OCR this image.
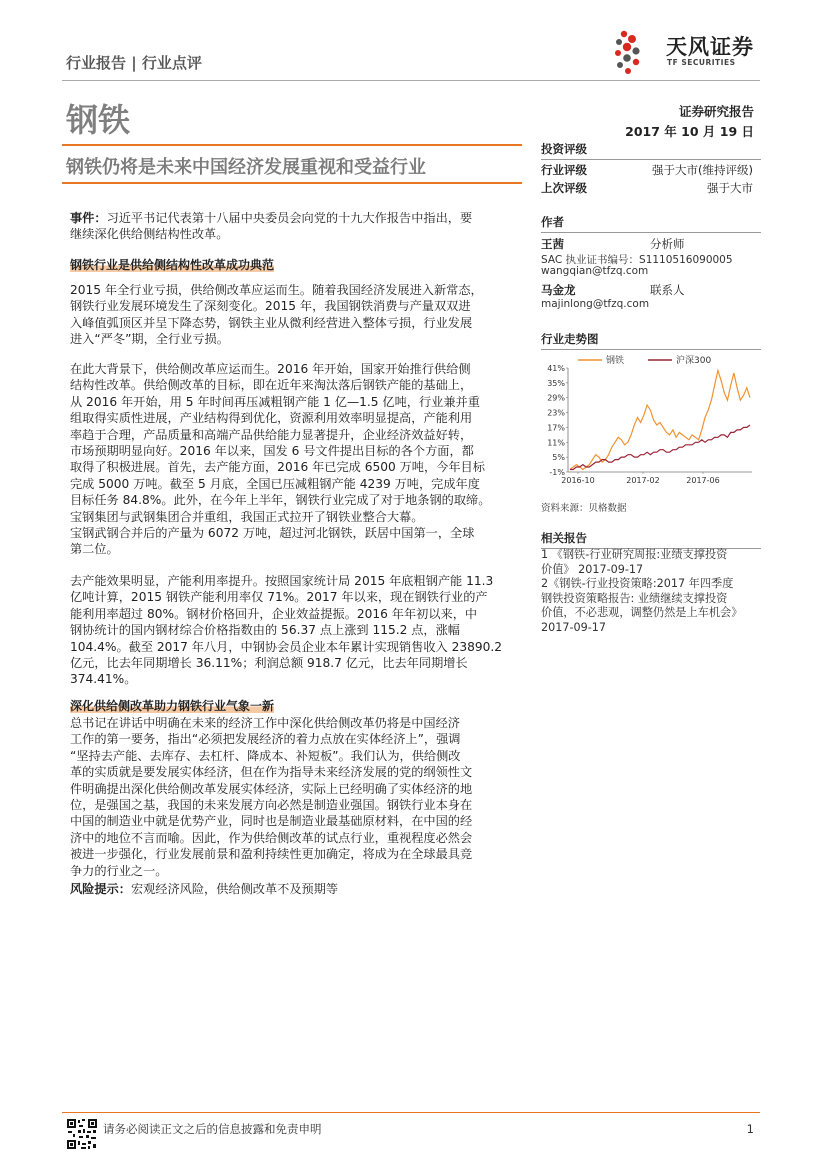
行业报告 | 行业点评
天风证券
TF SECURITIES
钢铁	证券研究报告
2017 年 10 月 19 日
钢铁仍将是未来中国经济发展重视和受益行业
事件：习近平书记代表第十八届中央委员会向党的十九大作报告中指出，要
继续深化供给侧结构性改革。
钢铁行业是供给侧结构性改革成功典范
2015 年全行业亏损，供给侧改革应运而生。随着我国经济发展进入新常态，
钢铁行业发展环境发生了深刻变化。2015 年，我国钢铁消费与产量双双进
入峰值弧顶区并呈下降态势，钢铁主业从微利经营进入整体亏损，行业发展
进入“严冬”期，全行业亏损。
在此大背景下，供给侧改革应运而生。2016 年开始，国家开始推行供给侧
结构性改革。供给侧改革的目标，即在近年来淘汰落后钢铁产能的基础上，
从 2016 年开始，用 5 年时间再压减粗钢产能 1 亿—1.5 亿吨，行业兼并重
组取得实质性进展，产业结构得到优化，资源利用效率明显提高，产能利用
率趋于合理，产品质量和高端产品供给能力显著提升，企业经济效益好转，
市场预期明显向好。2016 年以来，国发 6 号文件提出目标的各个方面，都
取得了积极进展。首先，去产能方面，2016 年已完成 6500 万吨，今年目标
完成 5000 万吨。截至 5 月底，全国已压减粗钢产能 4239 万吨，完成年度
目标任务 84.8%。此外，在今年上半年，钢铁行业完成了对于地条钢的取缔。
宝钢集团与武钢集团合并重组，我国正式拉开了钢铁业整合大幕。
宝钢武钢合并后的产量为 6072 万吨，超过河北钢铁，跃居中国第一，全球
第二位。
去产能效果明显，产能利用率提升。按照国家统计局 2015 年底粗钢产能 11.3
亿吨计算，2015 钢铁产能利用率仅 71%。2017 年以来，现在钢铁行业的产
能利用率超过 80%。钢材价格回升，企业效益提振。2016 年年初以来，中
钢协统计的国内钢材综合价格指数由的 56.37 点上涨到 115.2 点，涨幅
104.4%。截至 2017 年八月，中钢协会员企业本年累计实现销售收入 23890.2
亿元，比去年同期增长 36.11%；利润总额 918.7 亿元，比去年同期增长
374.41%。
深化供给侧改革助力钢铁行业气象一新
总书记在讲话中明确在未来的经济工作中深化供给侧改革仍将是中国经济
工作的第一要务，指出“必须把发展经济的着力点放在实体经济上”，强调
“坚持去产能、去库存、去杠杆、降成本、补短板”。我们认为，供给侧改
革的实质就是要发展实体经济，但在作为指导未来经济发展的党的纲领性文
件明确提出深化供给侧改革发展实体经济，实际上已经明确了实体经济的地
位，是强国之基，我国的未来发展方向必然是制造业强国。钢铁行业本身在
中国的制造业中就是优势产业，同时也是制造业最基础原材料，在中国的经
济中的地位不言而喻。因此，作为供给侧改革的试点行业，重视程度必然会
被进一步强化，行业发展前景和盈利持续性更加确定，将成为在全球最具竞
争力的行业之一。
风险提示：宏观经济风险，供给侧改革不及预期等
投资评级
行业评级	强于大市(维持评级)
上次评级	强于大市
作者
王茜	分析师
SAC 执业证书编号：S1110516090005
wangqian@tfzq.com
马金龙	联系人
majinlong@tfzq.com
行业走势图
钢铁	沪深300
-1%
5%
11%
17%
23%
29%
35%
41%
2016-10	2017-02	2017-06
资料来源：贝格数据
相关报告
1 《钢铁-行业研究周报:业绩支撑投资
价值》 2017-09-17
2《钢铁-行业投资策略:2017 年四季度
钢铁投资策略报告: 业绩继续支撑投资
价值，不必悲观，调整仍然是上车机会》
2017-09-17
请务必阅读正文之后的信息披露和免责申明	1
